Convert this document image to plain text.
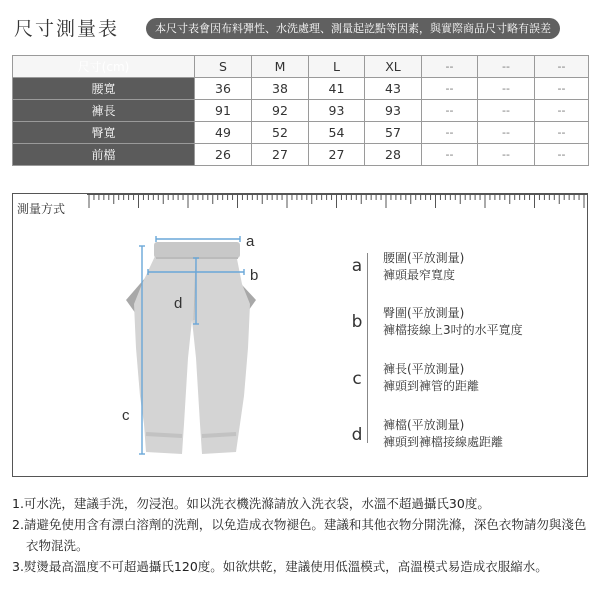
尺寸測量表	本尺寸表會因布料彈性、水洗處理、測量起訖點等因素，與實際商品尺寸略有誤差
尺寸(cm)	S	M	L	XL	--	--	--
腰寬	36	38	41	43	--	--	--
褲長	91	92	93	93	--	--	--
臀寬	49	52	54	57	--	--	--
前檔	26	27	27	28	--	--	--
測量方式
a
b
d
c
a	腰圍(平放測量)
褲頭最窄寬度
b	臀圍(平放測量)
褲檔接線上3吋的水平寬度
c	褲長(平放測量)
褲頭到褲管的距離
d	褲檔(平放測量)
褲頭到褲檔接線處距離
1.可水洗，建議手洗，勿浸泡。如以洗衣機洗滌請放入洗衣袋，水溫不超過攝氏30度。
2.請避免使用含有漂白溶劑的洗劑，以免造成衣物褪色。建議和其他衣物分開洗滌，深色衣物請勿與淺色衣物混洗。
3.熨燙最高溫度不可超過攝氏120度。如欲烘乾，建議使用低溫模式，高溫模式易造成衣服縮水。
